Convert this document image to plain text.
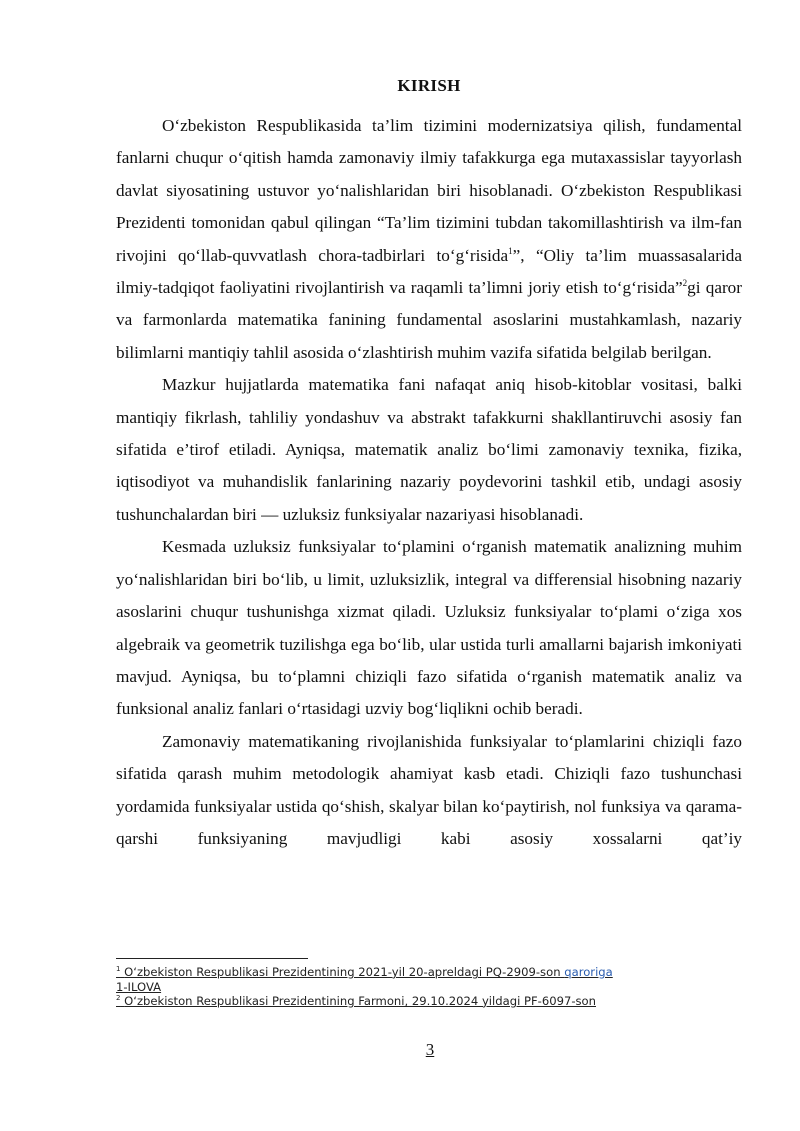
KIRISH

O‘zbekiston Respublikasida ta’lim tizimini modernizatsiya qilish, fundamental fanlarni chuqur o‘qitish hamda zamonaviy ilmiy tafakkurga ega mutaxassislar tayyorlash davlat siyosatining ustuvor yo‘nalishlaridan biri hisoblanadi. O‘zbekiston Respublikasi Prezidenti tomonidan qabul qilingan “Ta’lim tizimini tubdan takomillashtirish va ilm-fan rivojini qo‘llab-quvvatlash chora-tadbirlari to‘g‘risida$^1$”, “Oliy ta’lim muassasalarida ilmiy-tadqiqot faoliyatini rivojlantirish va raqamli ta’limni joriy etish to‘g‘risida”$^2$gi qaror va farmonlarda matematika fanining fundamental asoslarini mustahkamlash, nazariy bilimlarni mantiqiy tahlil asosida o‘zlashtirish muhim vazifa sifatida belgilab berilgan.

Mazkur hujjatlarda matematika fani nafaqat aniq hisob-kitoblar vositasi, balki mantiqiy fikrlash, tahliliy yondashuv va abstrakt tafakkurni shakllantiruvchi asosiy fan sifatida e’tirof etiladi. Ayniqsa, matematik analiz bo‘limi zamonaviy texnika, fizika, iqtisodiyot va muhandislik fanlarining nazariy poydevorini tashkil etib, undagi asosiy tushunchalardan biri — uzluksiz funksiyalar nazariyasi hisoblanadi.

Kesmada uzluksiz funksiyalar to‘plamini o‘rganish matematik analizning muhim yo‘nalishlaridan biri bo‘lib, u limit, uzluksizlik, integral va differensial hisobning nazariy asoslarini chuqur tushunishga xizmat qiladi. Uzluksiz funksiyalar to‘plami o‘ziga xos algebraik va geometrik tuzilishga ega bo‘lib, ular ustida turli amallarni bajarish imkoniyati mavjud. Ayniqsa, bu to‘plamni chiziqli fazo sifatida o‘rganish matematik analiz va funksional analiz fanlari o‘rtasidagi uzviy bog‘liqlikni ochib beradi.

Zamonaviy matematikaning rivojlanishida funksiyalar to‘plamlarini chiziqli fazo sifatida qarash muhim metodologik ahamiyat kasb etadi. Chiziqli fazo tushunchasi yordamida funksiyalar ustida qo‘shish, skalyar bilan ko‘paytirish, nol funksiya va qarama-qarshi funksiyaning mavjudligi kabi asosiy xossalarni qat’iy

$^1$ O‘zbekiston Respublikasi Prezidentining 2021-yil 20-apreldagi PQ-2909-son qaroriga
1-ILOVA
$^2$ O‘zbekiston Respublikasi Prezidentining Farmoni, 29.10.2024 yildagi PF-6097-son
3
